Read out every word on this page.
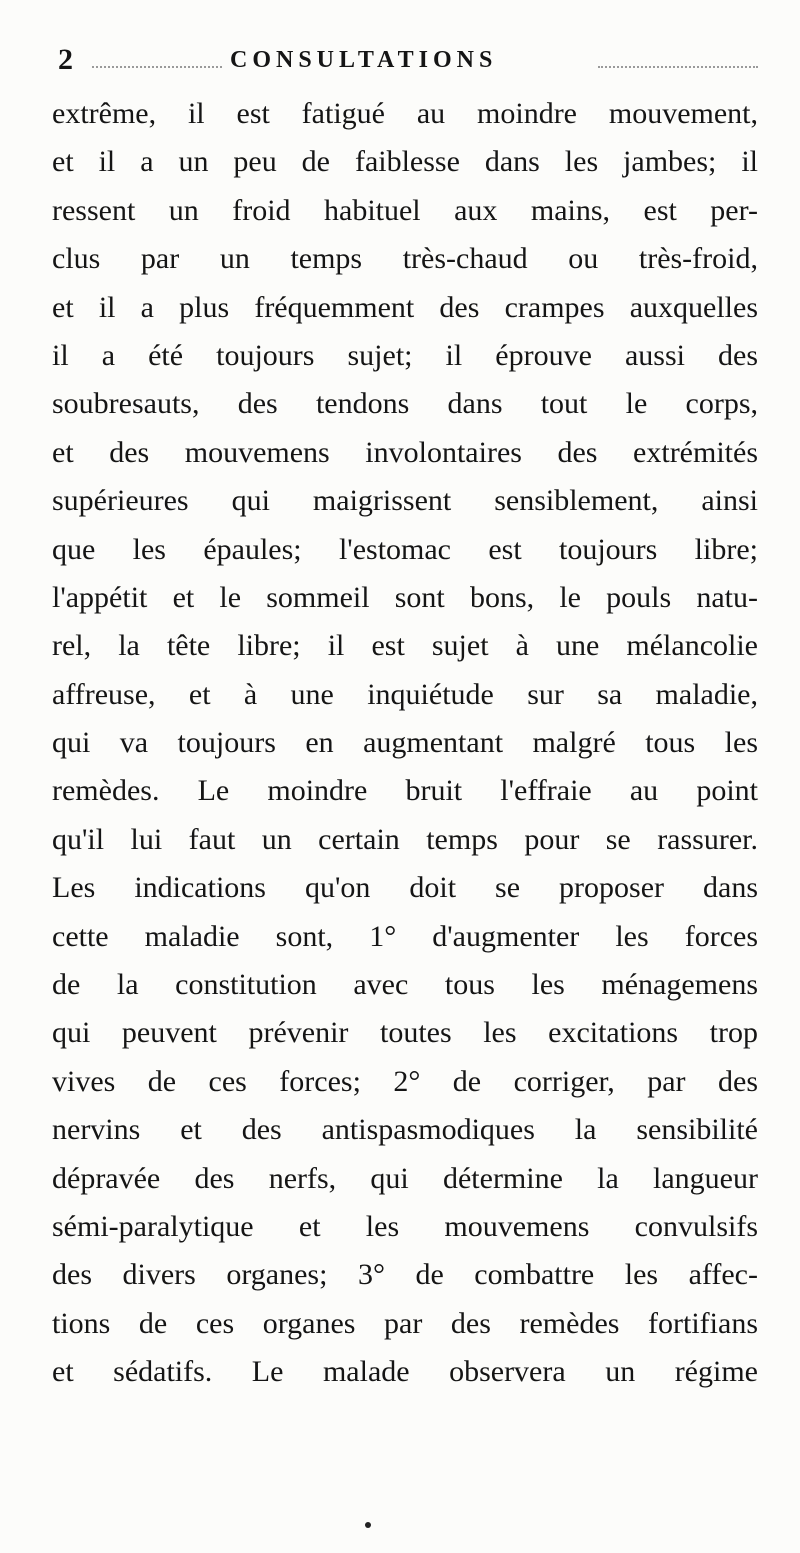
2	CONSULTATIONS
extrême, il est fatigué au moindre mouvement,
et il a un peu de faiblesse dans les jambes; il
ressent un froid habituel aux mains, est per-
clus par un temps très-chaud ou très-froid,
et il a plus fréquemment des crampes auxquelles
il a été toujours sujet; il éprouve aussi des
soubresauts, des tendons dans tout le corps,
et des mouvemens involontaires des extrémités
supérieures qui maigrissent sensiblement, ainsi
que les épaules; l'estomac est toujours libre;
l'appétit et le sommeil sont bons, le pouls natu-
rel, la tête libre; il est sujet à une mélancolie
affreuse, et à une inquiétude sur sa maladie,
qui va toujours en augmentant malgré tous les
remèdes. Le moindre bruit l'effraie au point
qu'il lui faut un certain temps pour se rassurer.
Les indications qu'on doit se proposer dans
cette maladie sont, 1° d'augmenter les forces
de la constitution avec tous les ménagemens
qui peuvent prévenir toutes les excitations trop
vives de ces forces; 2° de corriger, par des
nervins et des antispasmodiques la sensibilité
dépravée des nerfs, qui détermine la langueur
sémi-paralytique et les mouvemens convulsifs
des divers organes; 3° de combattre les affec-
tions de ces organes par des remèdes fortifians
et sédatifs. Le malade observera un régime
